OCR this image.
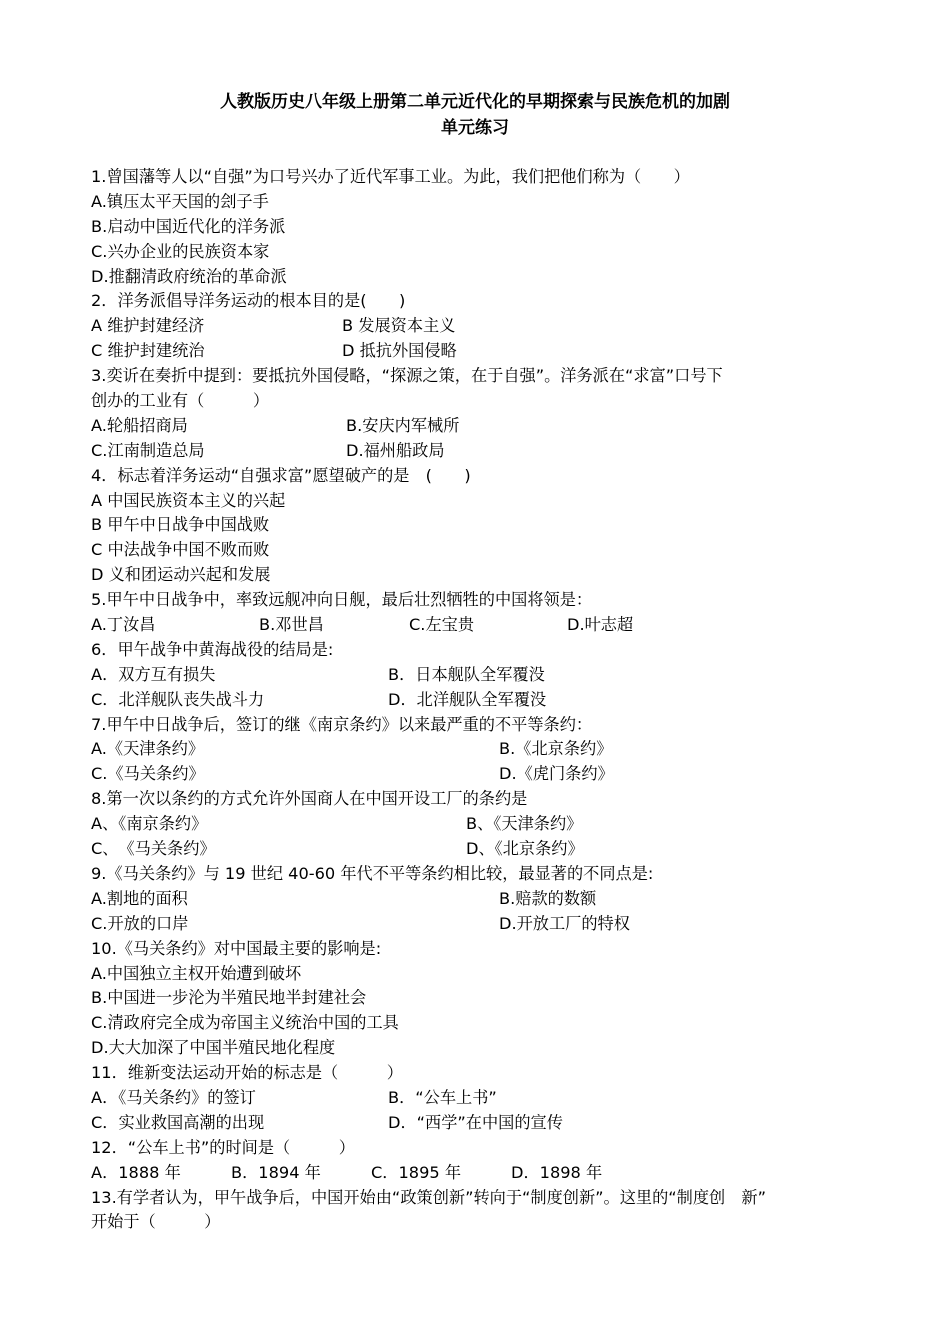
人教版历史八年级上册第二单元近代化的早期探索与民族危机的加剧
单元练习
1.曾国藩等人以“自强”为口号兴办了近代军事工业。为此，我们把他们称为（　　）
A.镇压太平天国的刽子手
B.启动中国近代化的洋务派
C.兴办企业的民族资本家
D.推翻清政府统治的革命派
2．洋务派倡导洋务运动的根本目的是(　　)
A 维护封建经济	B 发展资本主义
C 维护封建统治	D 抵抗外国侵略
3.奕䜣在奏折中提到：要抵抗外国侵略，“探源之策，在于自强”。洋务派在“求富”口号下
创办的工业有（　　　）
A.轮船招商局	B.安庆内军械所
C.江南制造总局	D.福州船政局
4．标志着洋务运动“自强求富”愿望破产的是　(　　)
A 中国民族资本主义的兴起
B 甲午中日战争中国战败
C 中法战争中国不败而败
D 义和团运动兴起和发展
5.甲午中日战争中，率致远舰冲向日舰，最后壮烈牺牲的中国将领是：
A.丁汝昌	B.邓世昌	C.左宝贵	D.叶志超
6．甲午战争中黄海战役的结局是:
A．双方互有损失	B．日本舰队全军覆没
C．北洋舰队丧失战斗力	D．北洋舰队全军覆没
7.甲午中日战争后，签订的继《南京条约》以来最严重的不平等条约：
A.《天津条约》	B.《北京条约》
C.《马关条约》	D.《虎门条约》
8.第一次以条约的方式允许外国商人在中国开设工厂的条约是
A、《南京条约》	B、《天津条约》
C、　《马关条约》	D、《北京条约》
9.《马关条约》与 19 世纪 40-60 年代不平等条约相比较，最显著的不同点是:
A.割地的面积	B.赔款的数额
C.开放的口岸	D.开放工厂的特权
10.《马关条约》对中国最主要的影响是:
A.中国独立主权开始遭到破坏
B.中国进一步沦为半殖民地半封建社会
C.清政府完全成为帝国主义统治中国的工具
D.大大加深了中国半殖民地化程度
11．维新变法运动开始的标志是（　　　）
A．《马关条约》的签订	B．“公车上书”
C．实业救国高潮的出现	D．“西学”在中国的宣传
12．“公车上书”的时间是（　　　）
A．1888 年	B．1894 年	C．1895 年	D．1898 年
13.有学者认为，甲午战争后，中国开始由“政策创新”转向于“制度创新”。这里的“制度创　新”
开始于（　　　）
